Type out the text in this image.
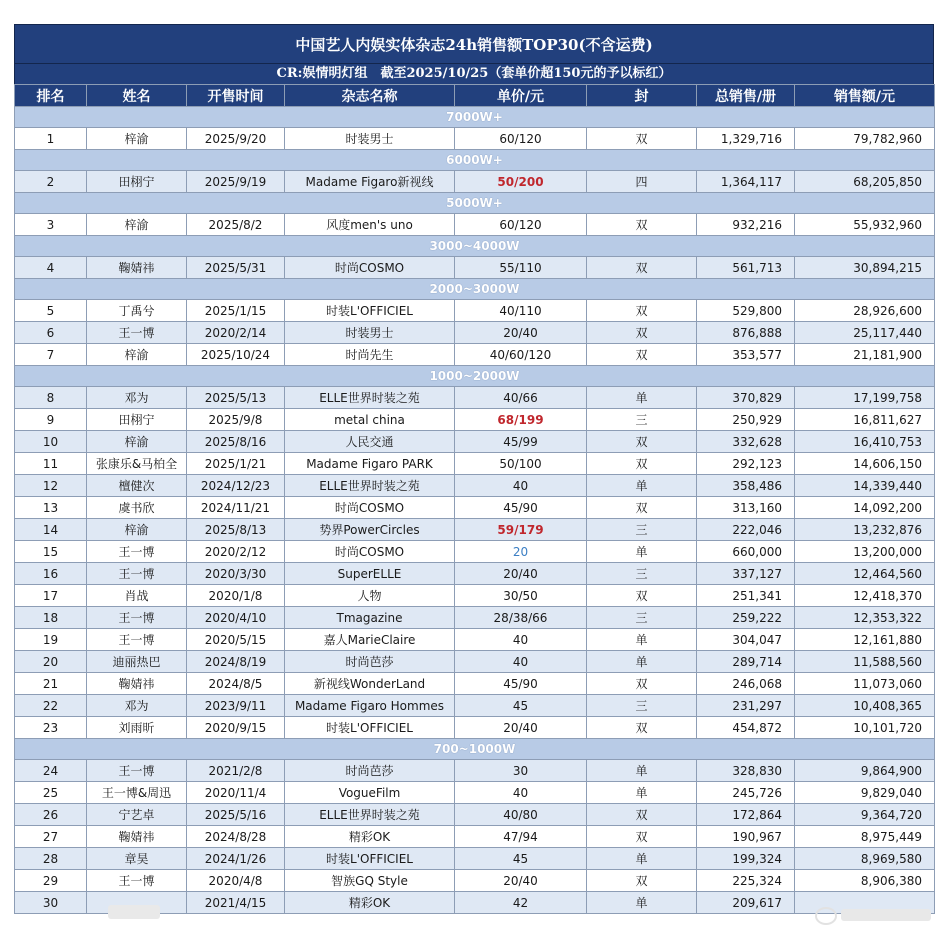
中国艺人内娱实体杂志24h销售额TOP30(不含运费)
CR:娱情明灯组　截至2025/10/25（套单价超150元的予以标红）
排名	姓名	开售时间	杂志名称	单价/元	封	总销售/册	销售额/元
7000W+							
1	梓渝	2025/9/20	时装男士	60/120	双	1,329,716	79,782,960
6000W+							
2	田栩宁	2025/9/19	Madame Figaro新视线	50/200	四	1,364,117	68,205,850
5000W+							
3	梓渝	2025/8/2	风度men's uno	60/120	双	932,216	55,932,960
3000~4000W							
4	鞠婧祎	2025/5/31	时尚COSMO	55/110	双	561,713	30,894,215
2000~3000W							
5	丁禹兮	2025/1/15	时装L'OFFICIEL	40/110	双	529,800	28,926,600
6	王一博	2020/2/14	时装男士	20/40	双	876,888	25,117,440
7	梓渝	2025/10/24	时尚先生	40/60/120	双	353,577	21,181,900
1000~2000W							
8	邓为	2025/5/13	ELLE世界时装之苑	40/66	单	370,829	17,199,758
9	田栩宁	2025/9/8	metal china	68/199	三	250,929	16,811,627
10	梓渝	2025/8/16	人民交通	45/99	双	332,628	16,410,753
11	张康乐&马柏全	2025/1/21	Madame Figaro PARK	50/100	双	292,123	14,606,150
12	檀健次	2024/12/23	ELLE世界时装之苑	40	单	358,486	14,339,440
13	虞书欣	2024/11/21	时尚COSMO	45/90	双	313,160	14,092,200
14	梓渝	2025/8/13	势界PowerCircles	59/179	三	222,046	13,232,876
15	王一博	2020/2/12	时尚COSMO	20	单	660,000	13,200,000
16	王一博	2020/3/30	SuperELLE	20/40	三	337,127	12,464,560
17	肖战	2020/1/8	人物	30/50	双	251,341	12,418,370
18	王一博	2020/4/10	Tmagazine	28/38/66	三	259,222	12,353,322
19	王一博	2020/5/15	嘉人MarieClaire	40	单	304,047	12,161,880
20	迪丽热巴	2024/8/19	时尚芭莎	40	单	289,714	11,588,560
21	鞠婧祎	2024/8/5	新视线WonderLand	45/90	双	246,068	11,073,060
22	邓为	2023/9/11	Madame Figaro Hommes	45	三	231,297	10,408,365
23	刘雨昕	2020/9/15	时装L'OFFICIEL	20/40	双	454,872	10,101,720
700~1000W							
24	王一博	2021/2/8	时尚芭莎	30	单	328,830	9,864,900
25	王一博&周迅	2020/11/4	VogueFilm	40	单	245,726	9,829,040
26	宁艺卓	2025/5/16	ELLE世界时装之苑	40/80	双	172,864	9,364,720
27	鞠婧祎	2024/8/28	精彩OK	47/94	双	190,967	8,975,449
28	章昊	2024/1/26	时装L'OFFICIEL	45	单	199,324	8,969,580
29	王一博	2020/4/8	智族GQ Style	20/40	双	225,324	8,906,380
30		2021/4/15	精彩OK	42	单	209,617	
